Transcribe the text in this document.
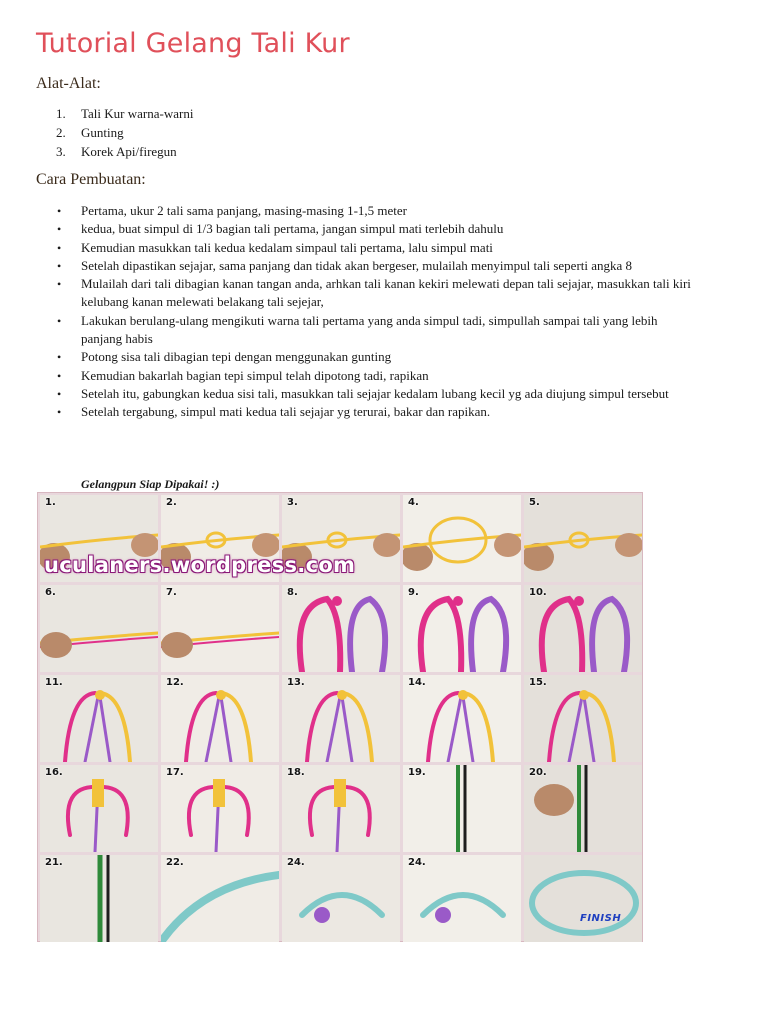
Tutorial Gelang Tali Kur
Alat-Alat:
1. Tali Kur warna-warni
2. Gunting
3. Korek Api/firegun
Cara Pembuatan:
• Pertama, ukur 2 tali sama panjang, masing-masing 1-1,5 meter
• kedua, buat simpul di 1/3 bagian tali pertama, jangan simpul mati terlebih dahulu
• Kemudian masukkan tali kedua kedalam simpaul tali pertama, lalu simpul mati
• Setelah dipastikan sejajar, sama panjang dan tidak akan bergeser, mulailah menyimpul tali seperti angka 8
• Mulailah dari tali dibagian kanan tangan anda, arhkan tali kanan kekiri melewati depan tali sejajar, masukkan tali kiri kelubang kanan melewati belakang tali sejejar,
• Lakukan berulang-ulang mengikuti warna tali pertama yang anda simpul tadi, simpullah sampai tali yang lebih panjang habis
• Potong sisa tali dibagian tepi dengan menggunakan gunting
• Kemudian bakarlah bagian tepi simpul telah dipotong tadi, rapikan
• Setelah itu, gabungkan kedua sisi tali, masukkan tali sejajar kedalam lubang kecil yg ada diujung simpul tersebut
• Setelah tergabung, simpul mati kedua tali sejajar yg terurai, bakar dan rapikan.
Gelangpun Siap Dipakai! :)
1.	2.	3.	4.	5.
6.	7.	8.	9.	10.
11.	12.	13.	14.	15.
16.	17.	18.	19.	20.
21.	22.	24.	24.
uculaners.wordpress.com
FINISH
